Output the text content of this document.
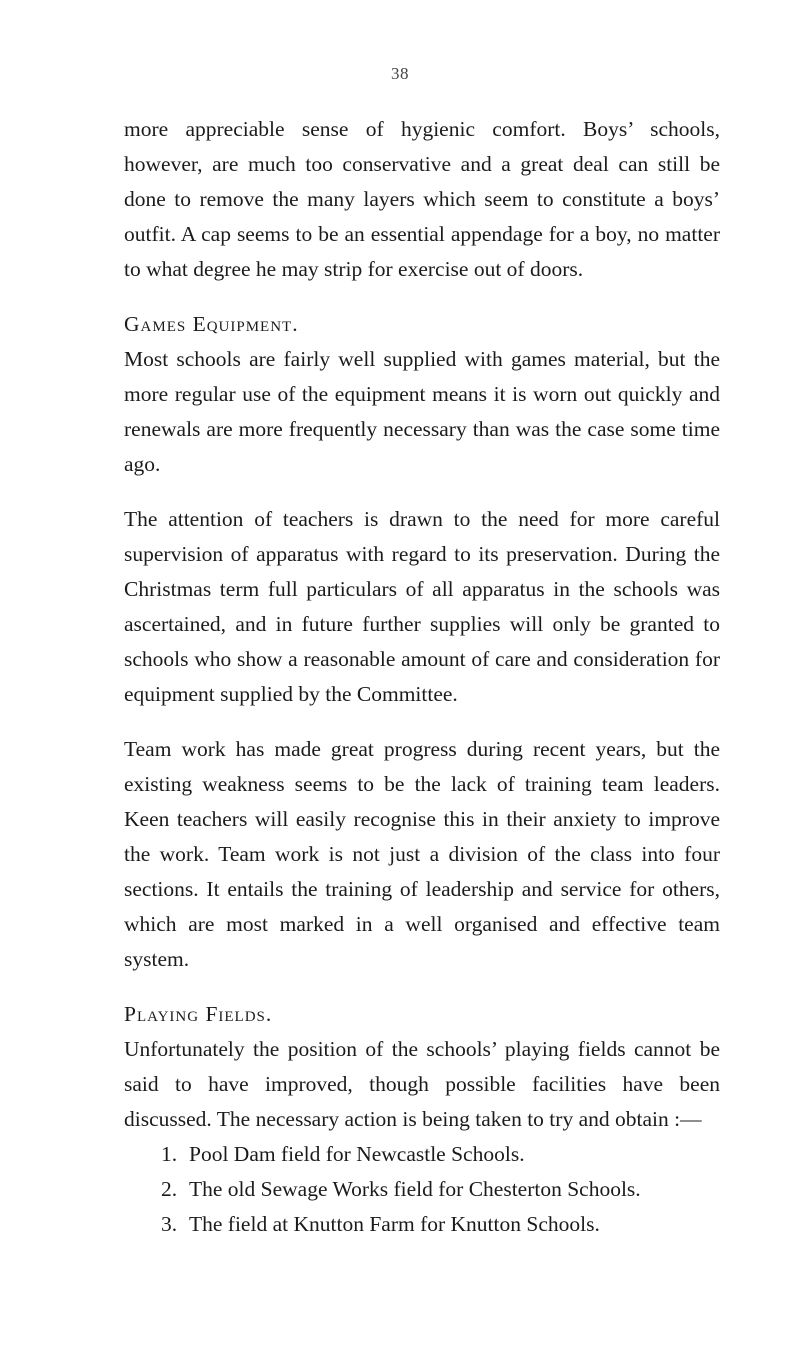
38

more appreciable sense of hygienic comfort. Boys’ schools, however, are much too conservative and a great deal can still be done to remove the many layers which seem to constitute a boys’ outfit. A cap seems to be an essential appendage for a boy, no matter to what degree he may strip for exercise out of doors.

Games Equipment.

Most schools are fairly well supplied with games material, but the more regular use of the equipment means it is worn out quickly and renewals are more frequently necessary than was the case some time ago.

The attention of teachers is drawn to the need for more careful supervision of apparatus with regard to its preservation. During the Christmas term full particulars of all apparatus in the schools was ascertained, and in future further supplies will only be granted to schools who show a reasonable amount of care and consideration for equipment supplied by the Committee.

Team work has made great progress during recent years, but the existing weakness seems to be the lack of training team leaders. Keen teachers will easily recognise this in their anxiety to improve the work. Team work is not just a division of the class into four sections. It entails the training of leadership and service for others, which are most marked in a well organised and effective team system.

Playing Fields.

Unfortunately the position of the schools’ playing fields cannot be said to have improved, though possible facilities have been discussed. The necessary action is being taken to try and obtain :—

1. Pool Dam field for Newcastle Schools.
2. The old Sewage Works field for Chesterton Schools.
3. The field at Knutton Farm for Knutton Schools.
